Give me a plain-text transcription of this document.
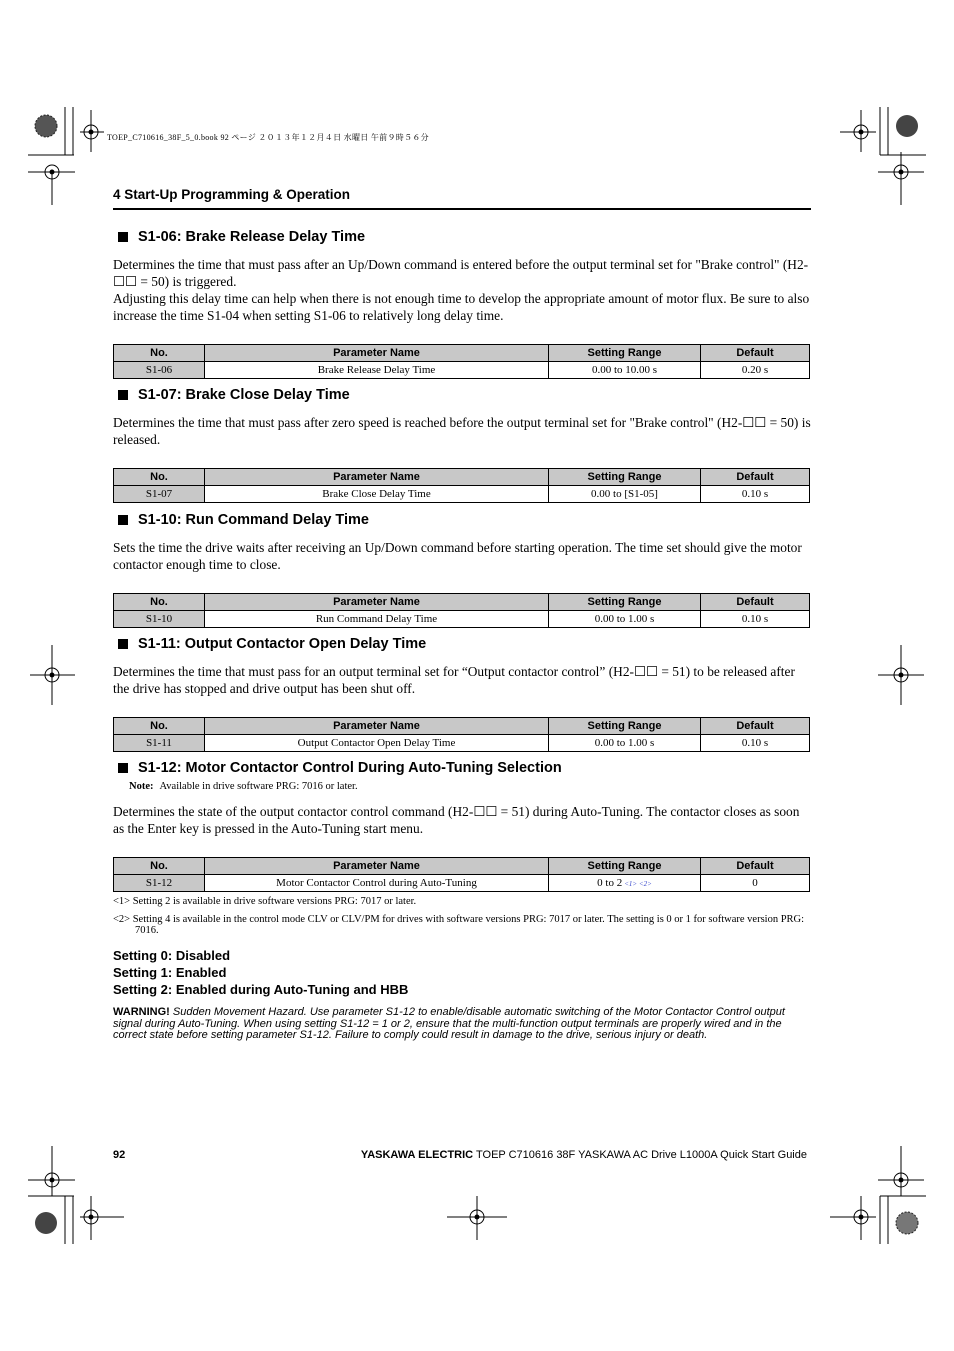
TOEP_C710616_38F_5_0.book 92 ページ ２０１３年１２月４日 水曜日 午前９時５６分
4 Start-Up Programming & Operation
S1-06: Brake Release Delay Time

Determines the time that must pass after an Up/Down command is entered before the output terminal set for "Brake control" (H2-☐☐ = 50) is triggered.

Adjusting this delay time can help when there is not enough time to develop the appropriate amount of motor flux. Be sure to also increase the time S1-04 when setting S1-06 to relatively long delay time.

No.	Parameter Name	Setting Range	Default
S1-06	Brake Release Delay Time	0.00 to 10.00 s	0.20 s
S1-07: Brake Close Delay Time

Determines the time that must pass after zero speed is reached before the output terminal set for "Brake control" (H2-☐☐ = 50) is released.

No.	Parameter Name	Setting Range	Default
S1-07	Brake Close Delay Time	0.00 to [S1-05]	0.10 s
S1-10: Run Command Delay Time

Sets the time the drive waits after receiving an Up/Down command before starting operation. The time set should give the motor contactor enough time to close.

No.	Parameter Name	Setting Range	Default
S1-10	Run Command Delay Time	0.00 to 1.00 s	0.10 s
S1-11: Output Contactor Open Delay Time

Determines the time that must pass for an output terminal set for “Output contactor control” (H2-☐☐ = 51) to be released after the drive has stopped and drive output has been shut off.

No.	Parameter Name	Setting Range	Default
S1-11	Output Contactor Open Delay Time	0.00 to 1.00 s	0.10 s
S1-12: Motor Contactor Control During Auto-Tuning Selection
Note: Available in drive software PRG: 7016 or later.

Determines the state of the output contactor control command (H2-☐☐ = 51) during Auto-Tuning. The contactor closes as soon as the Enter key is pressed in the Auto-Tuning start menu.

No.	Parameter Name	Setting Range	Default
S1-12	Motor Contactor Control during Auto-Tuning	0 to 2 <1> <2>	0
<1> Setting 2 is available in drive software versions PRG: 7017 or later.
<2> Setting 4 is available in the control mode CLV or CLV/PM for drives with software versions PRG: 7017 or later. The setting is 0 or 1 for software version PRG: 7016.
Setting 0: Disabled
Setting 1: Enabled
Setting 2: Enabled during Auto-Tuning and HBB
WARNING! Sudden Movement Hazard. Use parameter S1-12 to enable/disable automatic switching of the Motor Contactor Control output signal during Auto-Tuning. When using setting S1-12 = 1 or 2, ensure that the multi-function output terminals are properly wired and in the correct state before setting parameter S1-12. Failure to comply could result in damage to the drive, serious injury or death.
92	YASKAWA ELECTRIC TOEP C710616 38F YASKAWA AC Drive L1000A Quick Start Guide
